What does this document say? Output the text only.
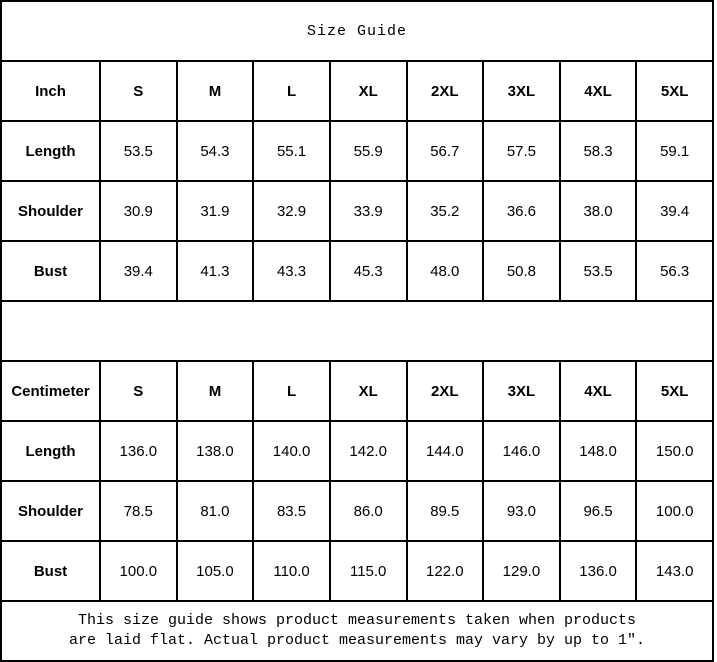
Size Guide								
Inch	S	M	L	XL	2XL	3XL	4XL	5XL
Length	53.5	54.3	55.1	55.9	56.7	57.5	58.3	59.1
Shoulder	30.9	31.9	32.9	33.9	35.2	36.6	38.0	39.4
Bust	39.4	41.3	43.3	45.3	48.0	50.8	53.5	56.3

Centimeter	S	M	L	XL	2XL	3XL	4XL	5XL
Length	136.0	138.0	140.0	142.0	144.0	146.0	148.0	150.0
Shoulder	78.5	81.0	83.5	86.0	89.5	93.0	96.5	100.0
Bust	100.0	105.0	110.0	115.0	122.0	129.0	136.0	143.0

This size guide shows product measurements taken when products
are laid flat. Actual product measurements may vary by up to 1″.								
